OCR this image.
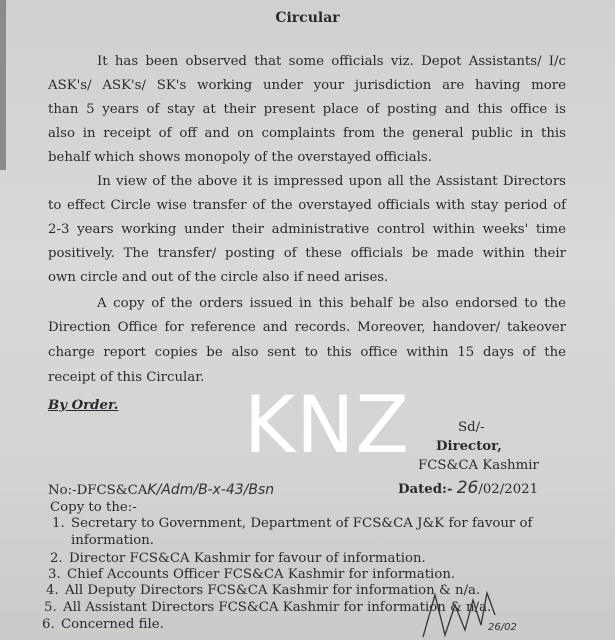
Circular
It has been observed that some officials viz. Depot Assistants/ I/c
ASK's/ ASK's/ SK's working under your jurisdiction are having more
than 5 years of stay at their present place of posting and this office is
also in receipt of off and on complaints from the general public in this
behalf which shows monopoly of the overstayed officials.
In view of the above it is impressed upon all the Assistant Directors
to effect Circle wise transfer of the overstayed officials with stay period of
2-3 years working under their administrative control within weeks' time
positively. The transfer/ posting of these officials be made within their
own circle and out of the circle also if need arises.
A copy of the orders issued in this behalf be also endorsed to the
Direction Office for reference and records. Moreover, handover/ takeover
charge report copies be also sent to this office within 15 days of the
receipt of this Circular.
By Order. KNZ	Sd/-
Director,
FCS&CA Kashmir
No:-DFCS&CAK/Adm/B-x-43/Bsn	Dated:- 26/02/2021
Copy to the:-
1. Secretary to Government, Department of FCS&CA J&K for favour of
information.
2. Director FCS&CA Kashmir for favour of information.
3. Chief Accounts Officer FCS&CA Kashmir for information.
4. All Deputy Directors FCS&CA Kashmir for information & n/a.
5. All Assistant Directors FCS&CA Kashmir for information & n/a.
6. Concerned file.	26/02
